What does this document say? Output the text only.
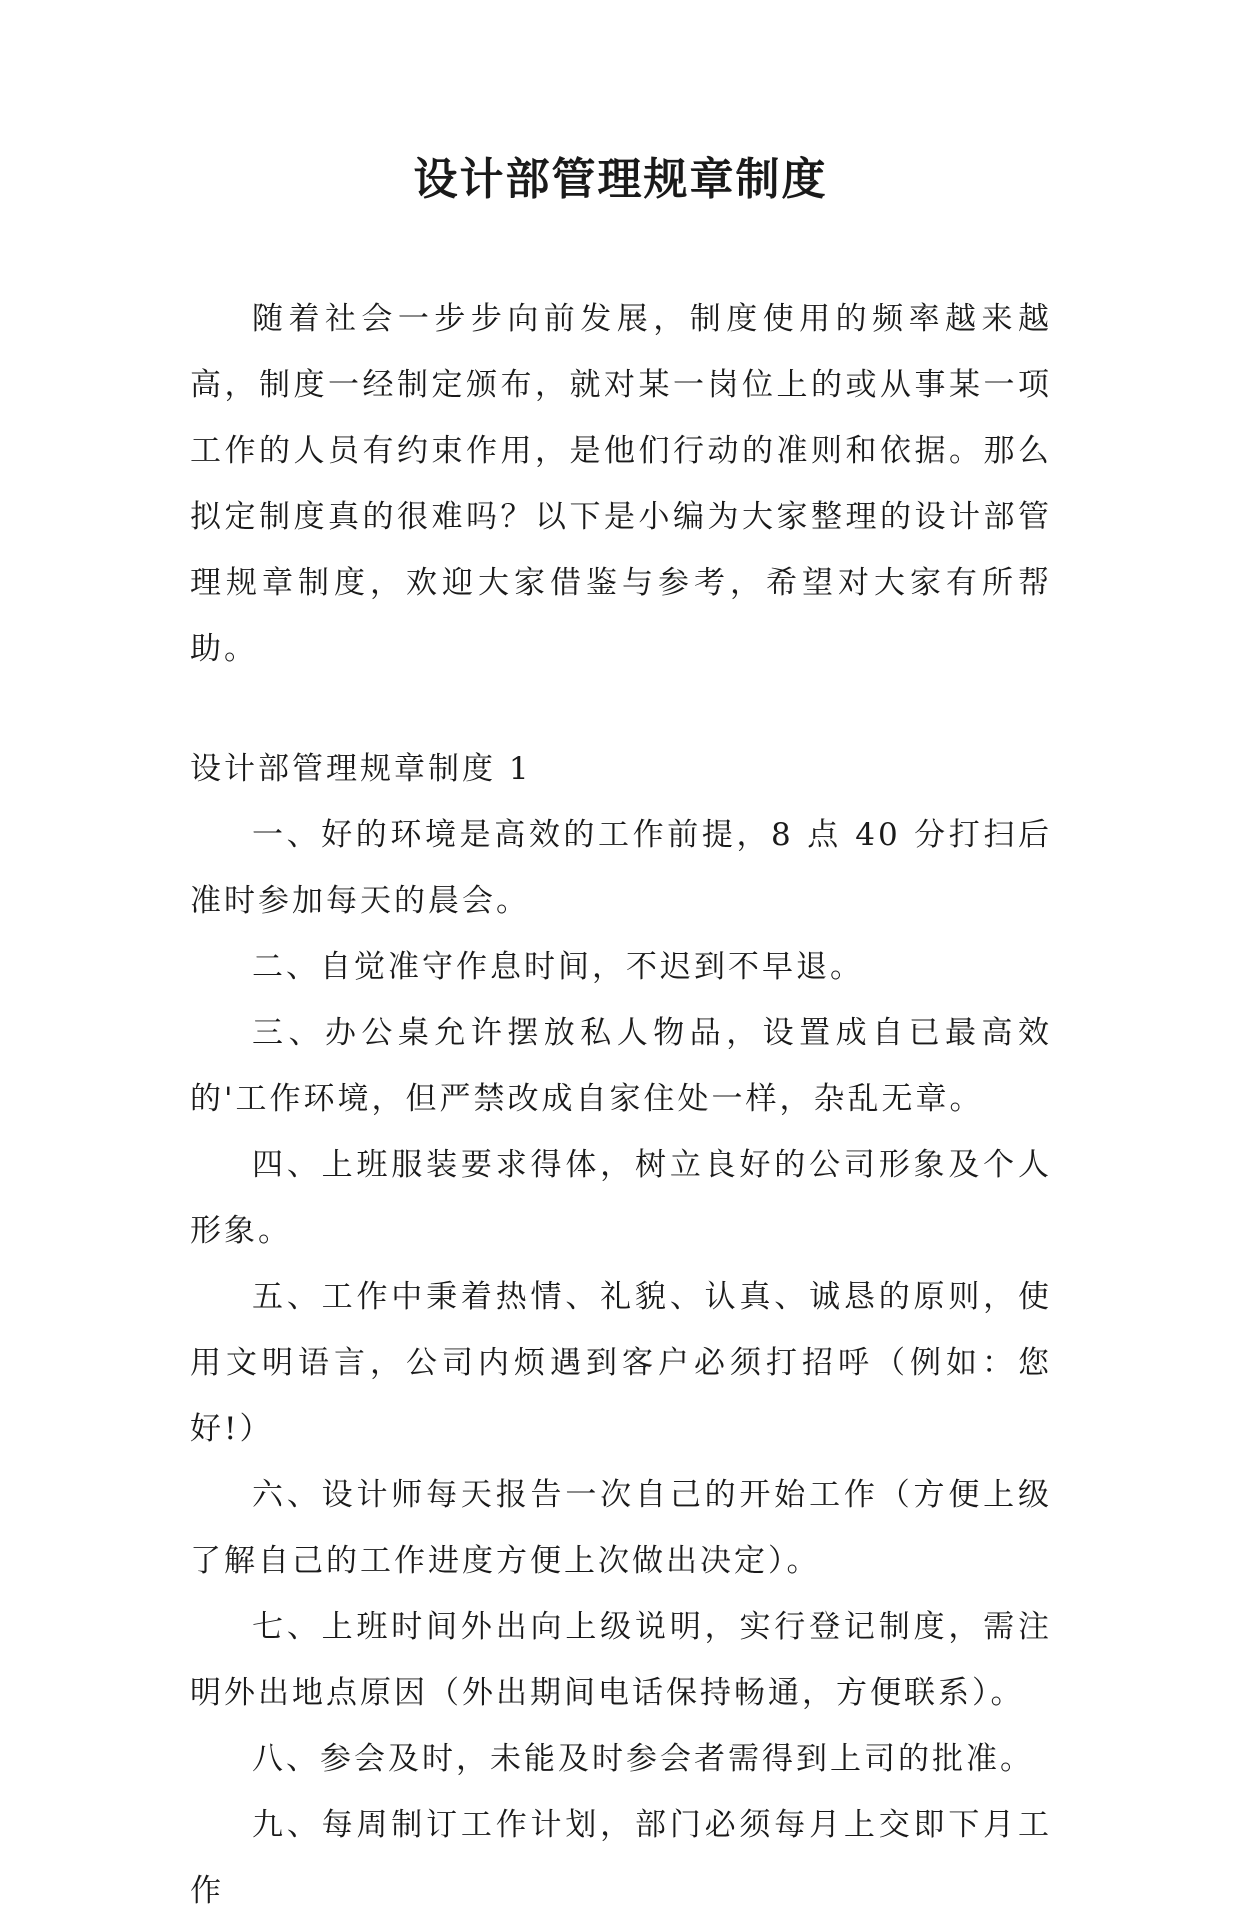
设计部管理规章制度

随着社会一步步向前发展，制度使用的频率越来越高，制度一经制定颁布，就对某一岗位上的或从事某一项工作的人员有约束作用，是他们行动的准则和依据。那么拟定制度真的很难吗？以下是小编为大家整理的设计部管理规章制度，欢迎大家借鉴与参考，希望对大家有所帮助。

设计部管理规章制度 1

一、好的环境是高效的工作前提，8 点 40 分打扫后准时参加每天的晨会。

二、自觉准守作息时间，不迟到不早退。

三、办公桌允许摆放私人物品，设置成自已最高效的'工作环境，但严禁改成自家住处一样，杂乱无章。

四、上班服装要求得体，树立良好的公司形象及个人形象。

五、工作中秉着热情、礼貌、认真、诚恳的原则，使用文明语言，公司内烦遇到客户必须打招呼（例如：您好!）

六、设计师每天报告一次自己的开始工作（方便上级了解自己的工作进度方便上次做出决定）。

七、上班时间外出向上级说明，实行登记制度，需注明外出地点原因（外出期间电话保持畅通，方便联系）。

八、参会及时，未能及时参会者需得到上司的批准。

九、每周制订工作计划，部门必须每月上交即下月工作
